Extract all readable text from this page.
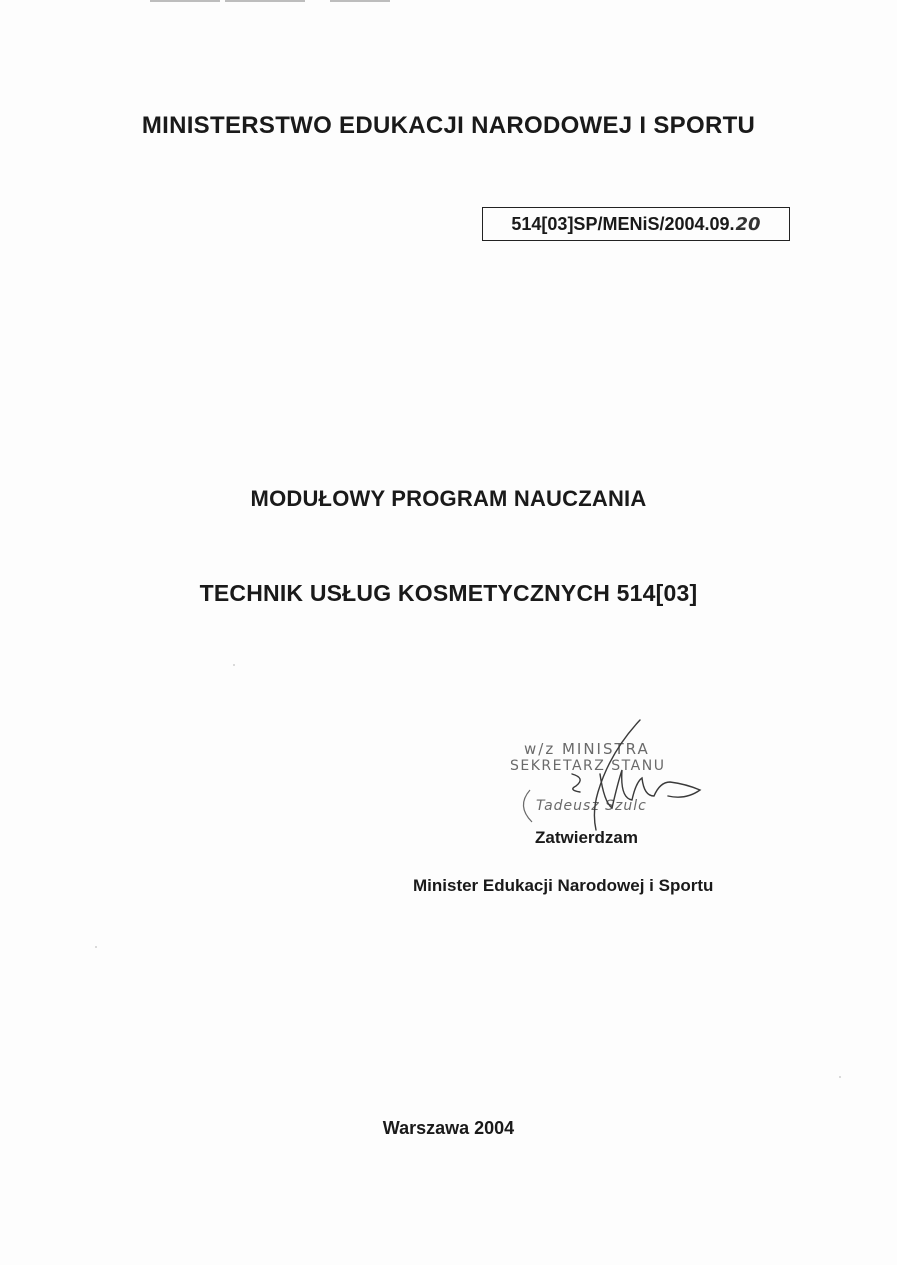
MINISTERSTWO EDUKACJI NARODOWEJ I SPORTU
514[03]SP/MENiS/2004.09. 20
MODUŁOWY PROGRAM NAUCZANIA
TECHNIK USŁUG KOSMETYCZNYCH 514[03]
w/z MINISTRA
SEKRETARZ STANU
Tadeusz Szulc
Zatwierdzam
Minister Edukacji Narodowej i Sportu
Warszawa 2004
